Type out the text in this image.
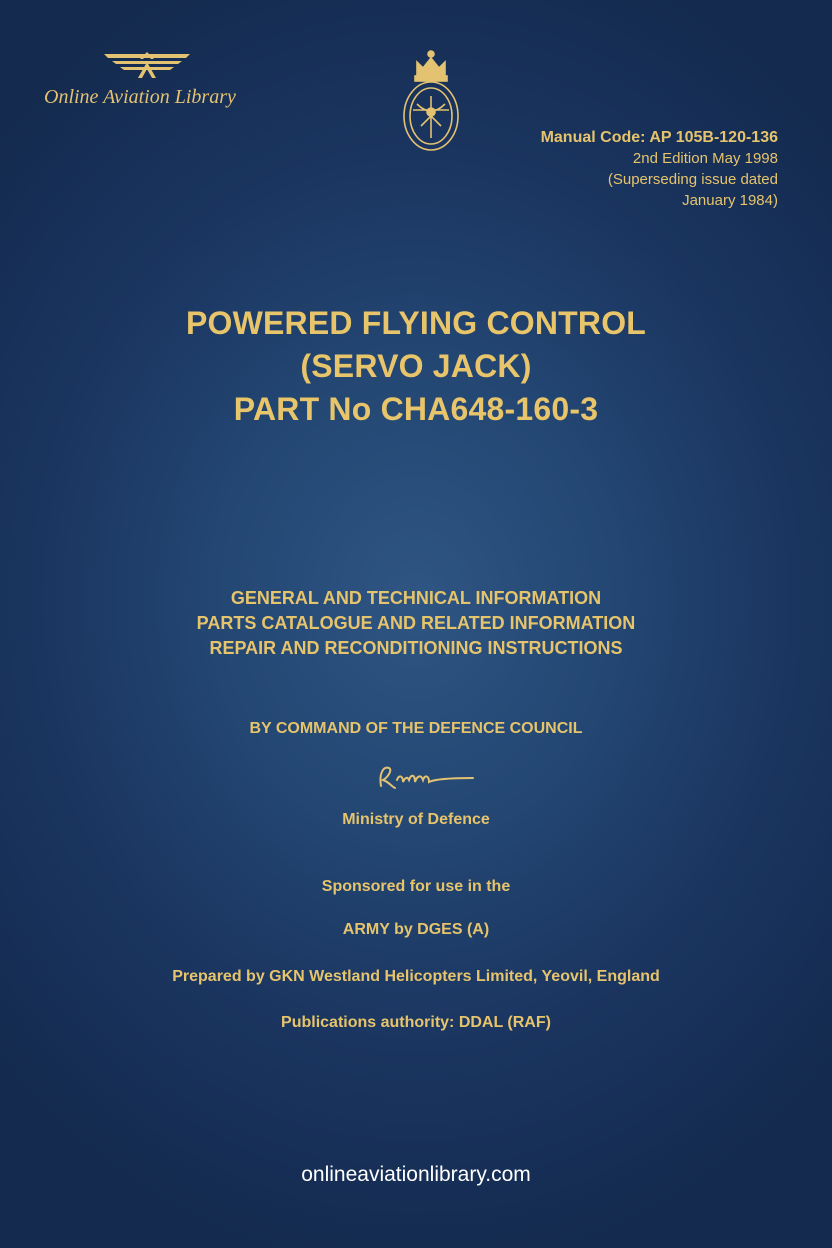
Online Aviation Library
Manual Code: AP 105B-120-136
2nd Edition May 1998
(Superseding issue dated
January 1984)
POWERED FLYING CONTROL
(SERVO JACK)
PART No CHA648-160-3
GENERAL AND TECHNICAL INFORMATION
PARTS CATALOGUE AND RELATED INFORMATION
REPAIR AND RECONDITIONING INSTRUCTIONS
BY COMMAND OF THE DEFENCE COUNCIL
Ministry of Defence
Sponsored for use in the
ARMY by DGES (A)
Prepared by GKN Westland Helicopters Limited, Yeovil, England
Publications authority: DDAL (RAF)
onlineaviationlibrary.com
